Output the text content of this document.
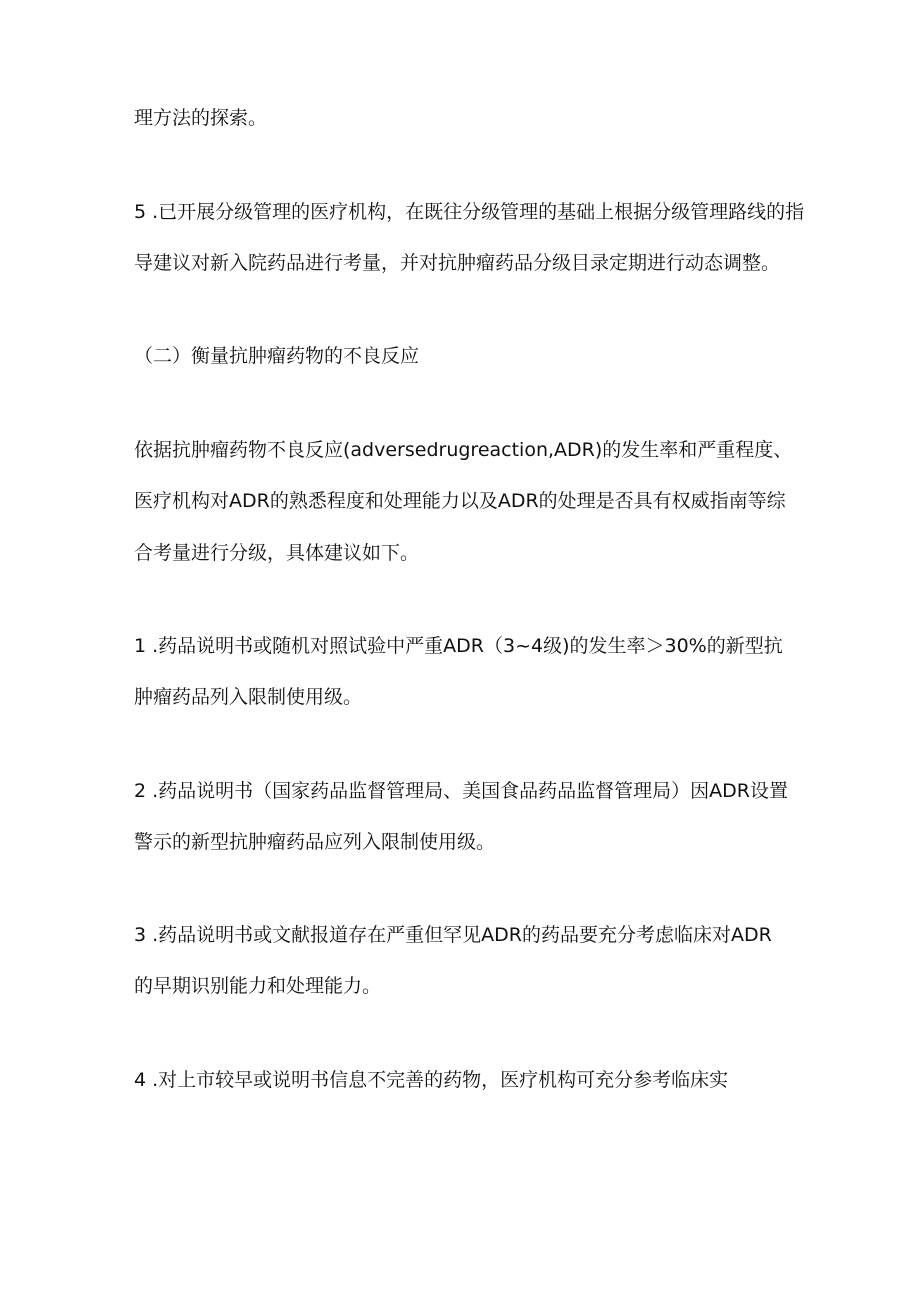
理方法的探索。
5 .已开展分级管理的医疗机构，在既往分级管理的基础上根据分级管理路线的指
导建议对新入院药品进行考量，并对抗肿瘤药品分级目录定期进行动态调整。
（二）衡量抗肿瘤药物的不良反应
依据抗肿瘤药物不良反应(adversedrugreaction,ADR)的发生率和严重程度、
医疗机构对ADR的熟悉程度和处理能力以及ADR的处理是否具有权威指南等综
合考量进行分级，具体建议如下。
1 .药品说明书或随机对照试验中严重ADR（3~4级)的发生率＞30%的新型抗
肿瘤药品列入限制使用级。
2 .药品说明书（国家药品监督管理局、美国食品药品监督管理局）因ADR设置
警示的新型抗肿瘤药品应列入限制使用级。
3 .药品说明书或文献报道存在严重但罕见ADR的药品要充分考虑临床对ADR
的早期识别能力和处理能力。
4 .对上市较早或说明书信息不完善的药物，医疗机构可充分参考临床实
